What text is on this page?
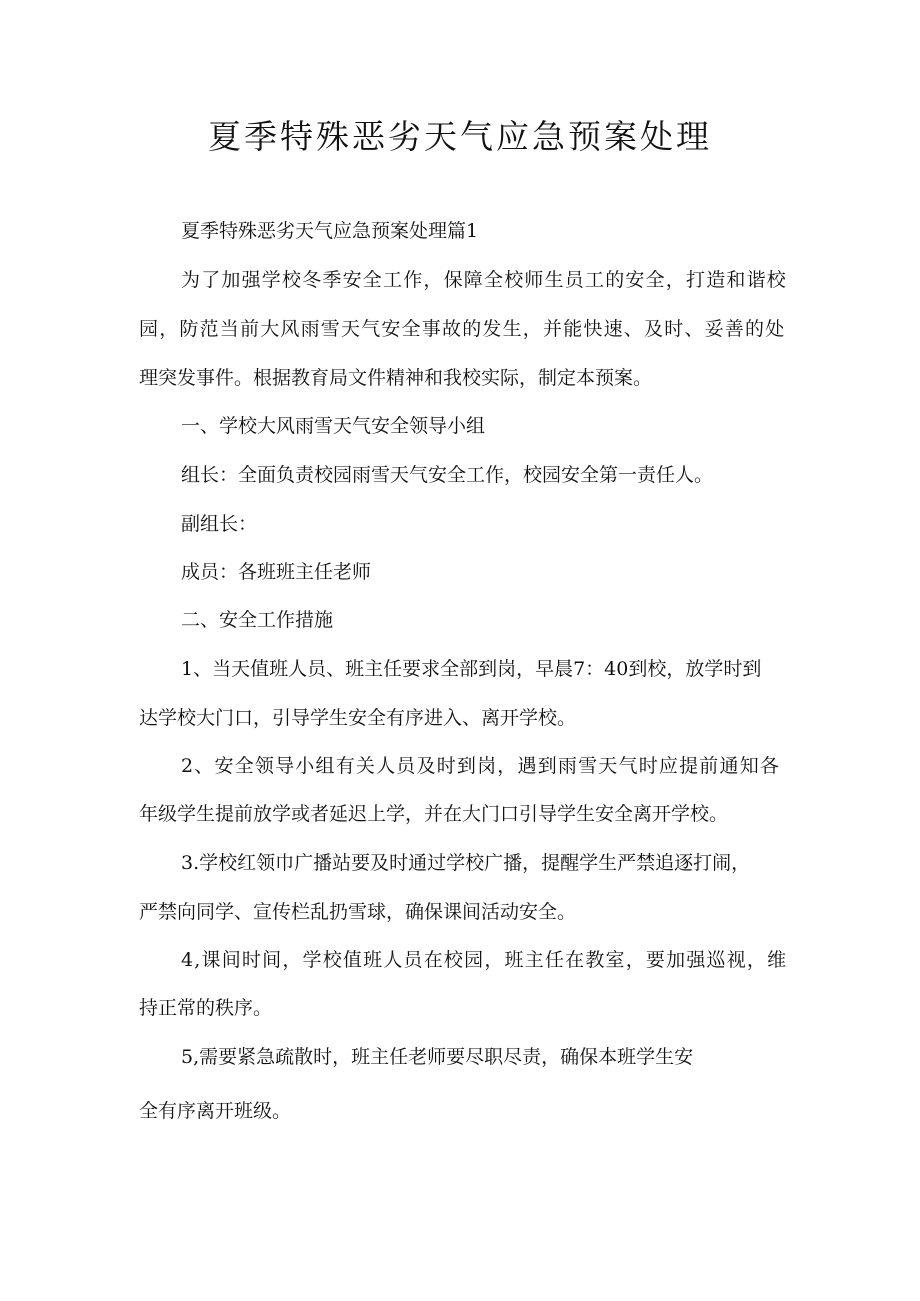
夏季特殊恶劣天气应急预案处理

夏季特殊恶劣天气应急预案处理篇1

为了加强学校冬季安全工作，保障全校师生员工的安全，打造和谐校

园，防范当前大风雨雪天气安全事故的发生，并能快速、及时、妥善的处

理突发事件。根据教育局文件精神和我校实际，制定本预案。

一、学校大风雨雪天气安全领导小组

组长：全面负责校园雨雪天气安全工作，校园安全第一责任人。

副组长：

成员：各班班主任老师

二、安全工作措施

1、当天值班人员、班主任要求全部到岗，早晨7：40到校，放学时到

达学校大门口，引导学生安全有序进入、离开学校。

2、安全领导小组有关人员及时到岗，遇到雨雪天气时应提前通知各

年级学生提前放学或者延迟上学，并在大门口引导学生安全离开学校。

3.学校红领巾广播站要及时通过学校广播，提醒学生严禁追逐打闹，

严禁向同学、宣传栏乱扔雪球，确保课间活动安全。

4,课间时间，学校值班人员在校园，班主任在教室，要加强巡视，维

持正常的秩序。

5,需要紧急疏散时，班主任老师要尽职尽责，确保本班学生安

全有序离开班级。
